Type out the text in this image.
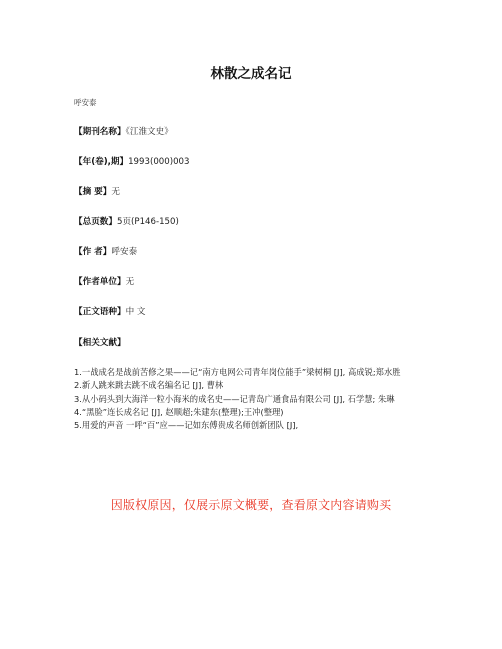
林散之成名记
呼安泰
【期刊名称】《江淮文史》
【年(卷),期】1993(000)003
【摘 要】无
【总页数】5页(P146-150)
【作 者】呼安泰
【作者单位】无
【正文语种】中 文
【相关文献】

1.一战成名是战前苦修之果——记“南方电网公司青年岗位能手”梁树桐 [J], 高成锐;郑水胜

2.新人跳来跳去跳不成名编名记 [J], 曹林

3.从小码头到大海洋一粒小海米的成名史——记青岛广通食品有限公司 [J], 石学慧; 朱琳

4.“黑脸”连长成名记 [J], 赵顺超;朱建东(整理);王冲(整理)

5.用爱的声音 一呼“百”应——记如东傅贵成名师创新团队 [J],

因版权原因，仅展示原文概要，查看原文内容请购买
